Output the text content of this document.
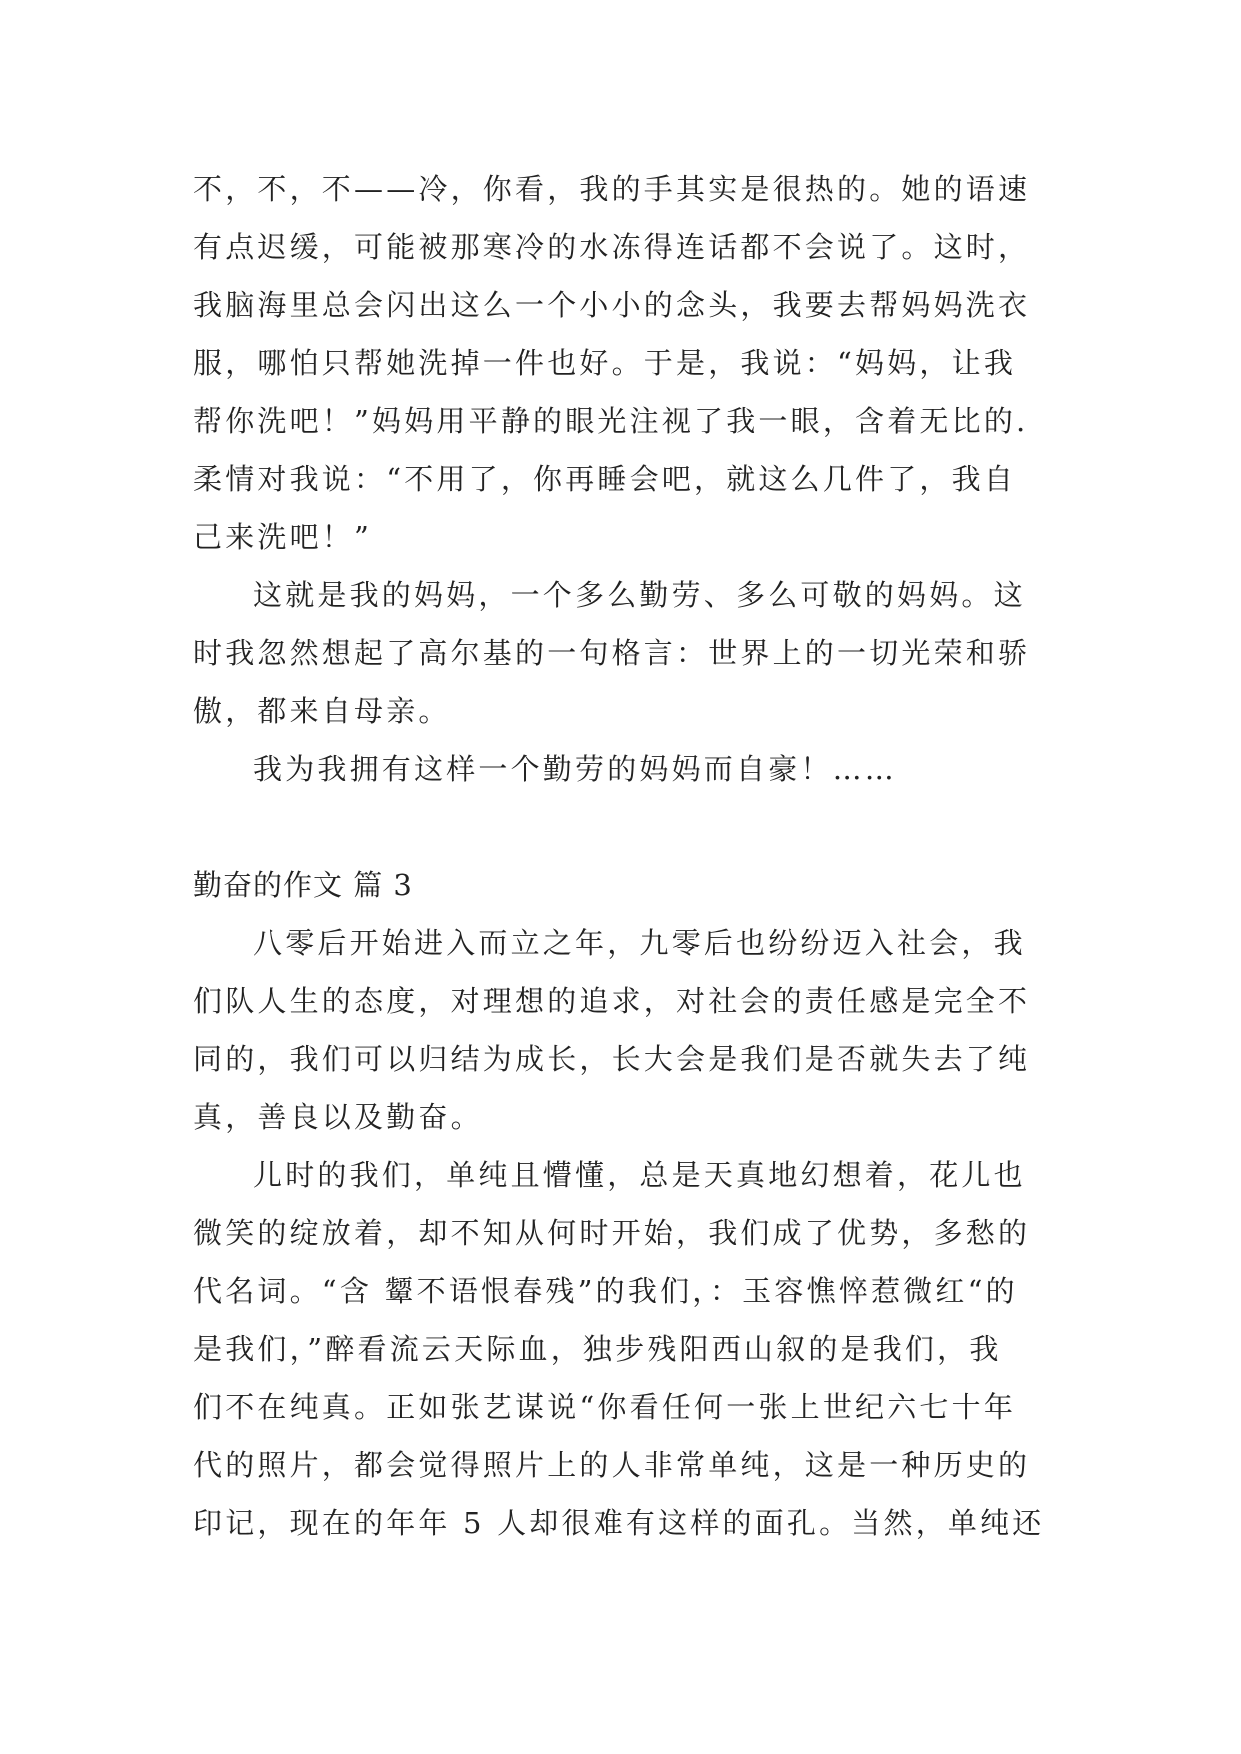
不，不，不——冷，你看，我的手其实是很热的。她的语速
有点迟缓，可能被那寒冷的水冻得连话都不会说了。这时，
我脑海里总会闪出这么一个小小的念头，我要去帮妈妈洗衣
服，哪怕只帮她洗掉一件也好。于是，我说：“妈妈，让我
帮你洗吧！”妈妈用平静的眼光注视了我一眼，含着无比的.
柔情对我说：“不用了，你再睡会吧，就这么几件了，我自
己来洗吧！”
这就是我的妈妈，一个多么勤劳、多么可敬的妈妈。这
时我忽然想起了高尔基的一句格言：世界上的一切光荣和骄
傲，都来自母亲。
我为我拥有这样一个勤劳的妈妈而自豪！……
勤奋的作文 篇 3
八零后开始进入而立之年，九零后也纷纷迈入社会，我
们队人生的态度，对理想的追求，对社会的责任感是完全不
同的，我们可以归结为成长，长大会是我们是否就失去了纯
真，善良以及勤奋。
儿时的我们，单纯且懵懂，总是天真地幻想着，花儿也
微笑的绽放着，却不知从何时开始，我们成了优势，多愁的
代名词。“含 颦不语恨春残”的我们，：玉容憔悴惹微红“的
是我们，”醉看流云天际血，独步残阳西山叙的是我们，我
们不在纯真。正如张艺谋说“你看任何一张上世纪六七十年
代的照片，都会觉得照片上的人非常单纯，这是一种历史的
印记，现在的年年 5 人却很难有这样的面孔。当然，单纯还
